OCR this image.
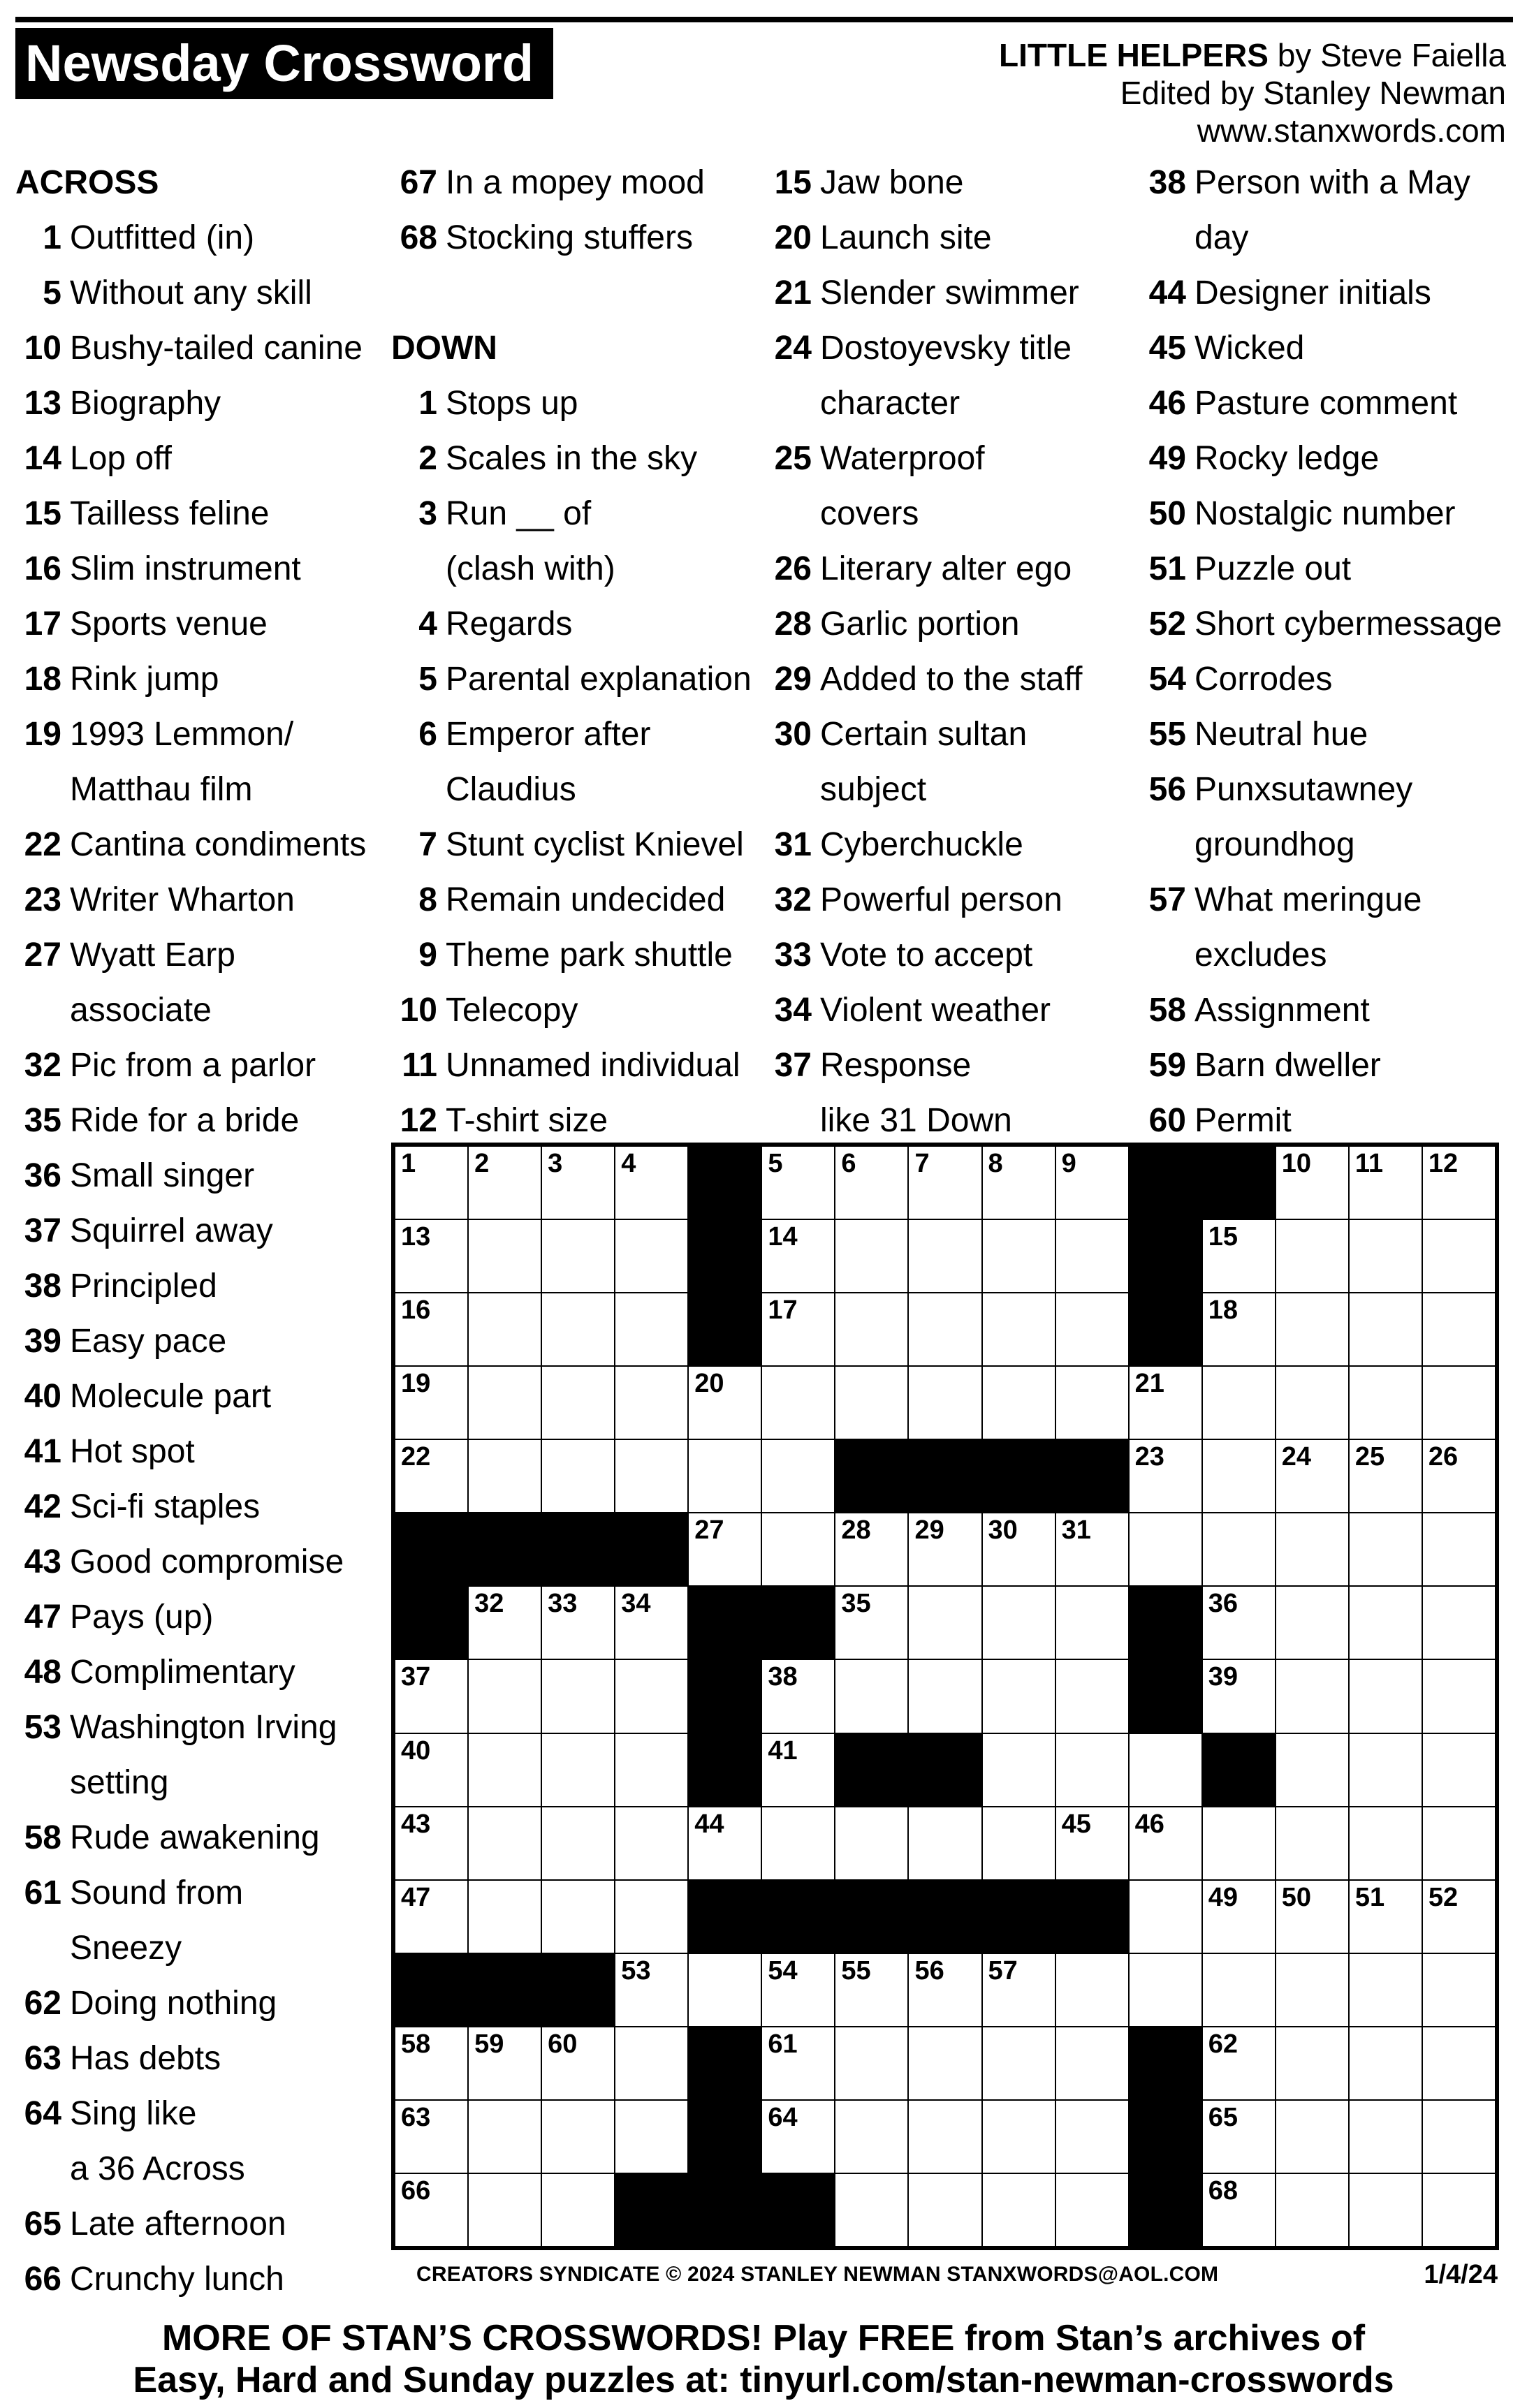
Newsday Crossword	LITTLE HELPERS by Steve Faiella
Edited by Stanley Newman
www.stanxwords.com
ACROSS
1 Outfitted (in)
5 Without any skill
10 Bushy-tailed canine
13 Biography
14 Lop off
15 Tailless feline
16 Slim instrument
17 Sports venue
18 Rink jump
19 1993 Lemmon/
Matthau film
22 Cantina condiments
23 Writer Wharton
27 Wyatt Earp
associate
32 Pic from a parlor
35 Ride for a bride
36 Small singer
37 Squirrel away
38 Principled
39 Easy pace
40 Molecule part
41 Hot spot
42 Sci-fi staples
43 Good compromise
47 Pays (up)
48 Complimentary
53 Washington Irving
setting
58 Rude awakening
61 Sound from
Sneezy
62 Doing nothing
63 Has debts
64 Sing like
a 36 Across
65 Late afternoon
66 Crunchy lunch
67 In a mopey mood
68 Stocking stuffers
DOWN
1 Stops up
2 Scales in the sky
3 Run __ of
(clash with)
4 Regards
5 Parental explanation
6 Emperor after
Claudius
7 Stunt cyclist Knievel
8 Remain undecided
9 Theme park shuttle
10 Telecopy
11 Unnamed individual
12 T-shirt size
15 Jaw bone
20 Launch site
21 Slender swimmer
24 Dostoyevsky title
character
25 Waterproof
covers
26 Literary alter ego
28 Garlic portion
29 Added to the staff
30 Certain sultan
subject
31 Cyberchuckle
32 Powerful person
33 Vote to accept
34 Violent weather
37 Response
like 31 Down
38 Person with a May
day
44 Designer initials
45 Wicked
46 Pasture comment
49 Rocky ledge
50 Nostalgic number
51 Puzzle out
52 Short cybermessage
54 Corrodes
55 Neutral hue
56 Punxsutawney
groundhog
57 What meringue
excludes
58 Assignment
59 Barn dweller
60 Permit
1 2 3 4	5 6 7 8 9	10 11 12
13	14	15
16	17	18
19	20	21
22	23	24 25 26
27	28 29 30 31
32 33 34	35	36
37	38	39
40	41
43	44	45 46
47	49 50 51 52
53	54 55 56 57
58 59 60	61	62
63	64	65
66	68
CREATORS SYNDICATE © 2024 STANLEY NEWMAN STANXWORDS@AOL.COM	1/4/24
MORE OF STAN’S CROSSWORDS! Play FREE from Stan’s archives of
Easy, Hard and Sunday puzzles at: tinyurl.com/stan-newman-crosswords
